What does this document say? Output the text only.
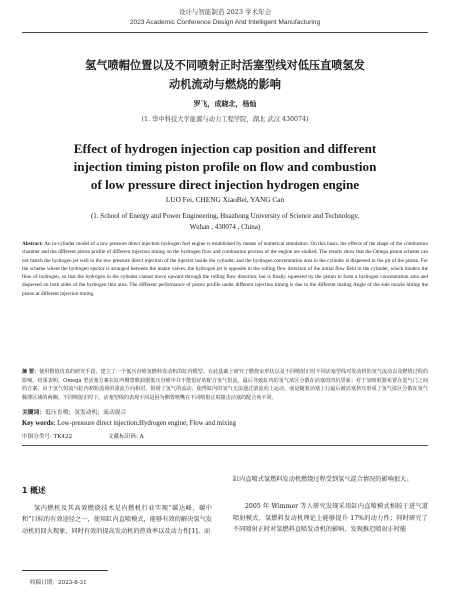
设计与智能制造 2023 学术年会
2023 Academic Conference Design And Intelligent Manufacturing
氢气喷帽位置以及不同喷射正时活塞型线对低压直喷氢发
动机流动与燃烧的影响
罗飞，成晓北，杨灿
(1. 华中科技大学能源与动力工程学院，湖北 武汉 430074)
Effect of hydrogen injection cap position and different
injection timing piston profile on flow and combustion
of low pressure direct injection hydrogen engine
LUO Fei, CHENG XiaoBei, YANG Can
(1. School of Energy and Power Engineering, Huazhong University of Science and Technology,
Wuhan , 430074 , China)
Abstract: An in-cylinder model of a low pressure direct injection hydrogen fuel engine is established by means of numerical simulation. On this basis, the effects of the shape of the combustion chamber and the different piston profile of different injection timing on the hydrogen flow and combustion process of the engine are studied. The results show that the Omega piston scheme can not match the hydrogen jet well in the low pressure direct injection of the injector inside the cylinder, and the hydrogen concentration area in the cylinder is dispersed in the pit of the piston. For the scheme where the hydrogen ejector is arranged between the intake valves, the hydrogen jet is opposite to the rolling flow direction of the initial flow field in the cylinder, which hinders the flow of hydrogen, so that the hydrogen in the cylinder cannot move upward through the rolling flow direction, but is finally squeezed by the piston to form a hydrogen concentration area and dispersed on both sides of the hydrogen thin area. The different performance of piston profile under different injection timing is due to the different mating Angle of the side nozzle hitting the piston at different injection timing.
摘 要：使用数值仿真的研究手段，建立了一个低压直喷氢燃料发动机的缸内模型。在此基础上研究了燃烧室形状以及不同喷射正时不同活塞型线对发动机的氢气流动以及燃烧过程的影响。结果表明，Omega 型活塞方案在缸内侧置喷油器低压直喷中并不能很好的配合氢气射流，最后导致缸内的氢气浓区分散在活塞的凹坑里面；对于氢喷射器布置在进气门之间的方案，由于氢气射流与缸内初始流场的滚流方向相对，阻碍了氢气的流动，使得缸内的氢气无法通过滚流向上运动，而是随着活塞上行最后被活塞挤压形成了氢气浓区分散在氢气稀薄区域的两侧。不同喷射正时下，活塞型线的表现不同是因为侧置喷嘴在不同喷射正时撞击活塞的配合角不同。
关键词：低压直喷；氢发动机；流动混合
Key words: Low-pressure direct injection;Hydrogen engine; Flow and mixing
中图分类号: TK422	文献标识码: A
1 概述
氢内燃机及其高效燃烧技术是内燃机行业实现“碳达峰、碳中和”目标的有效途径之一，使用缸内直喷模式，能够有效的解决氢气发动机的回火现象，同时有效的提高发动机的热效率以及动力性[1]。而
缸内直喷式氢燃料发动机燃烧过程受到氢气混合情况的影响很大。
2005 年 Wimmer 等人研究发现采用缸内直喷模式相较于进气道喷射模式，氢燃料发动机理论上能够提升 17%的动力性；同时研究了不同喷射正时对氢燃料直喷发动机的影响，发现推迟喷射正时能
收稿日期：2023-8-31
